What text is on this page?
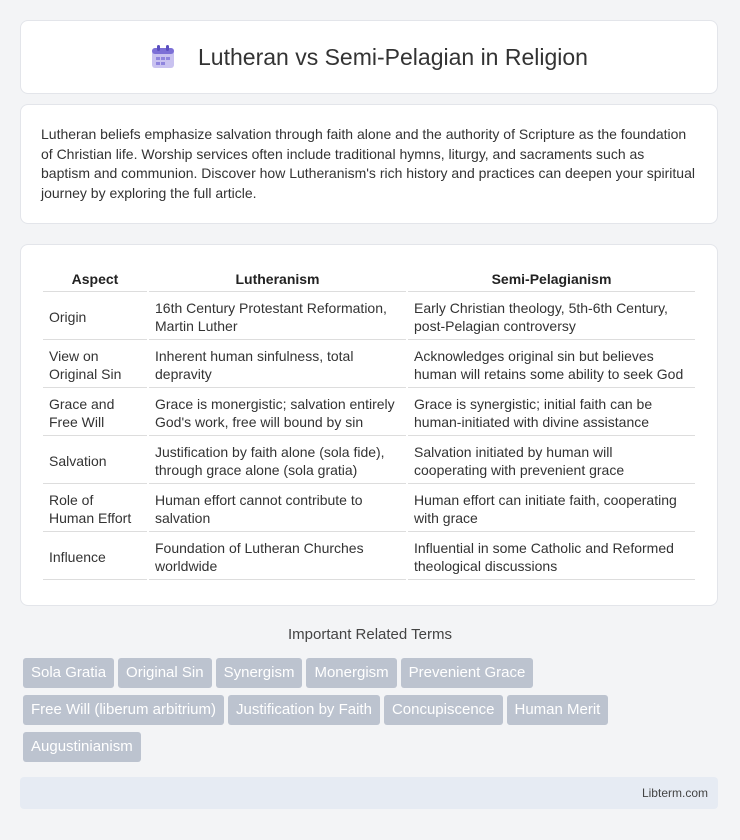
Lutheran vs Semi-Pelagian in Religion

Lutheran beliefs emphasize salvation through faith alone and the authority of Scripture as the foundation of Christian life. Worship services often include traditional hymns, liturgy, and sacraments such as baptism and communion. Discover how Lutheranism's rich history and practices can deepen your spiritual journey by exploring the full article.

Aspect	Lutheranism	Semi-Pelagianism
Origin	16th Century Protestant Reformation, Martin Luther	Early Christian theology, 5th-6th Century, post-Pelagian controversy
View on Original Sin	Inherent human sinfulness, total depravity	Acknowledges original sin but believes human will retains some ability to seek God
Grace and Free Will	Grace is monergistic; salvation entirely God's work, free will bound by sin	Grace is synergistic; initial faith can be human-initiated with divine assistance
Salvation	Justification by faith alone (sola fide), through grace alone (sola gratia)	Salvation initiated by human will cooperating with prevenient grace
Role of Human Effort	Human effort cannot contribute to salvation	Human effort can initiate faith, cooperating with grace
Influence	Foundation of Lutheran Churches worldwide	Influential in some Catholic and Reformed theological discussions
Important Related Terms
Sola Gratia Original Sin Synergism Monergism Prevenient Grace
Free Will (liberum arbitrium) Justification by Faith Concupiscence Human Merit
Augustinianism
Libterm.com
